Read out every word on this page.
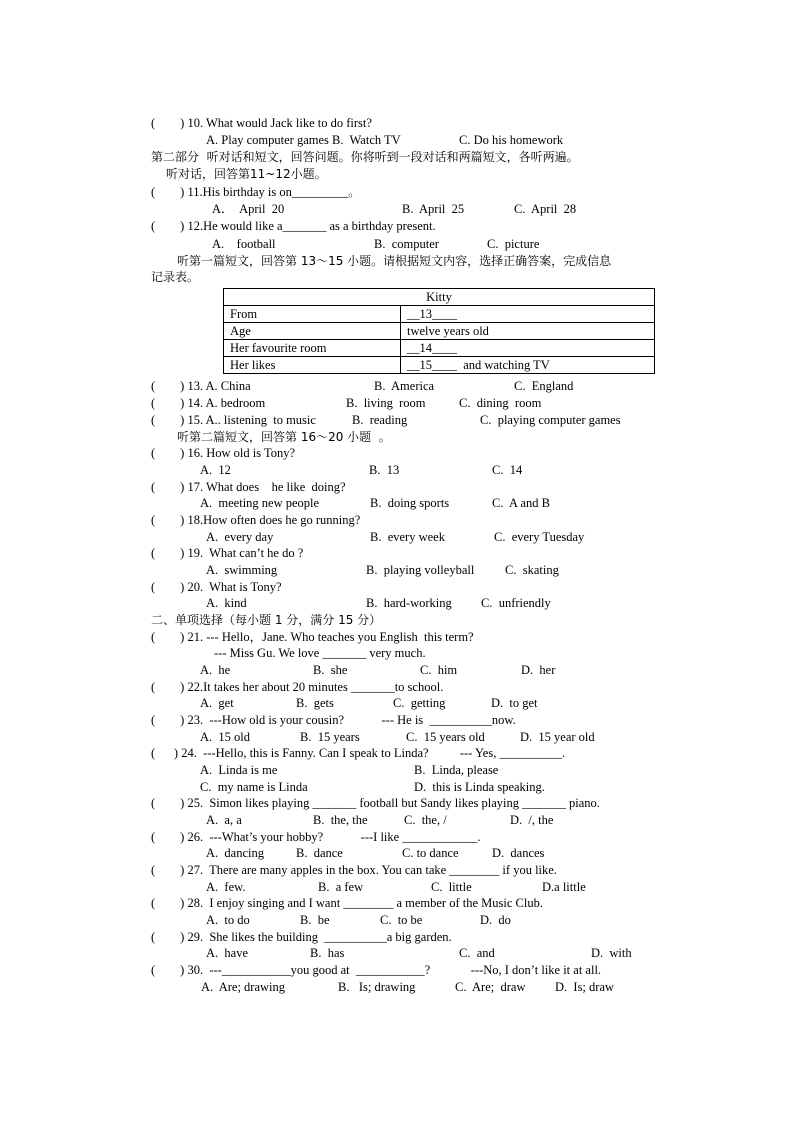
(        ) 10. What would Jack like to do first?
A. Play computer games B.  Watch TV	C. Do his homework
第二部分  听对话和短文，回答问题。你将听到一段对话和两篇短文，各听两遍。
听对话，回答第11~12小题。
(        ) 11.His birthday is on_________。
A．  April  20	B.  April  25	C.  April  28
(        ) 12.He would like a_______ as a birthday present.
A.    football	B.  computer	C.  picture
听第一篇短文，回答第 13～15 小题。请根据短文内容，选择正确答案，完成信息
记录表。
Kitty	
From	__13____
Age	twelve years old
Her favourite room	__14____
Her likes	__15____  and watching TV
(        ) 13. A. China	B.  America	C.  England
(        ) 14. A. bedroom	B.  living  room	C.  dining  room
(        ) 15. A.. listening  to music	B.  reading	C.  playing computer games
听第二篇短文，回答第 16～20 小题  。
(        ) 16. How old is Tony?
A.  12	B.  13	C.  14
(        ) 17. What does    he like  doing?
A.  meeting new people	B.  doing sports	C.  A and B
(        ) 18.How often does he go running?
A.  every day	B.  every week	C.  every Tuesday
(        ) 19.  What can’t he do ?
A.  swimming	B.  playing volleyball C.  skating
(        ) 20.  What is Tony?
A.  kind	B.  hard-working C.  unfriendly
二、单项选择（每小题 1 分，满分 15 分）
(        ) 21. --- Hello，Jane. Who teaches you English  this term?
--- Miss Gu. We love _______ very much.
A.  he	B.  she	C.  him	D.  her
(        ) 22.It takes her about 20 minutes _______to school.
A.  get	B.  gets	C.  getting	D.  to get
(        ) 23.  ---How old is your cousin?            --- He is  __________now.
A.  15 old	B.  15 years	C.  15 years old	D.  15 year old
(      ) 24.  ---Hello, this is Fanny. Can I speak to Linda?          --- Yes, __________.
A.  Linda is me	B.  Linda, please
C.  my name is Linda	D.  this is Linda speaking.
(        ) 25.  Simon likes playing _______ football but Sandy likes playing _______ piano.
A.  a, a	B.  the, the	C.  the, /	D.  /, the
(        ) 26.  ---What’s your hobby?            ---I like ____________.
A.  dancing	B.  dance	C. to dance	D.  dances
(        ) 27.  There are many apples in the box. You can take ________ if you like.
A.  few.	B.  a few	C.  little	D.a little
(        ) 28.  I enjoy singing and I want ________ a member of the Music Club.
A.  to do	B.  be	C.  to be	D.  do
(        ) 29.  She likes the building  __________a big garden.
A.  have	B.  has	C.  and	D.  with
(        ) 30.  ---___________you good at  ___________?             ---No, I don’t like it at all.
A.  Are; drawing	B.   Is; drawing	C.  Are;  draw D.  Is; draw
